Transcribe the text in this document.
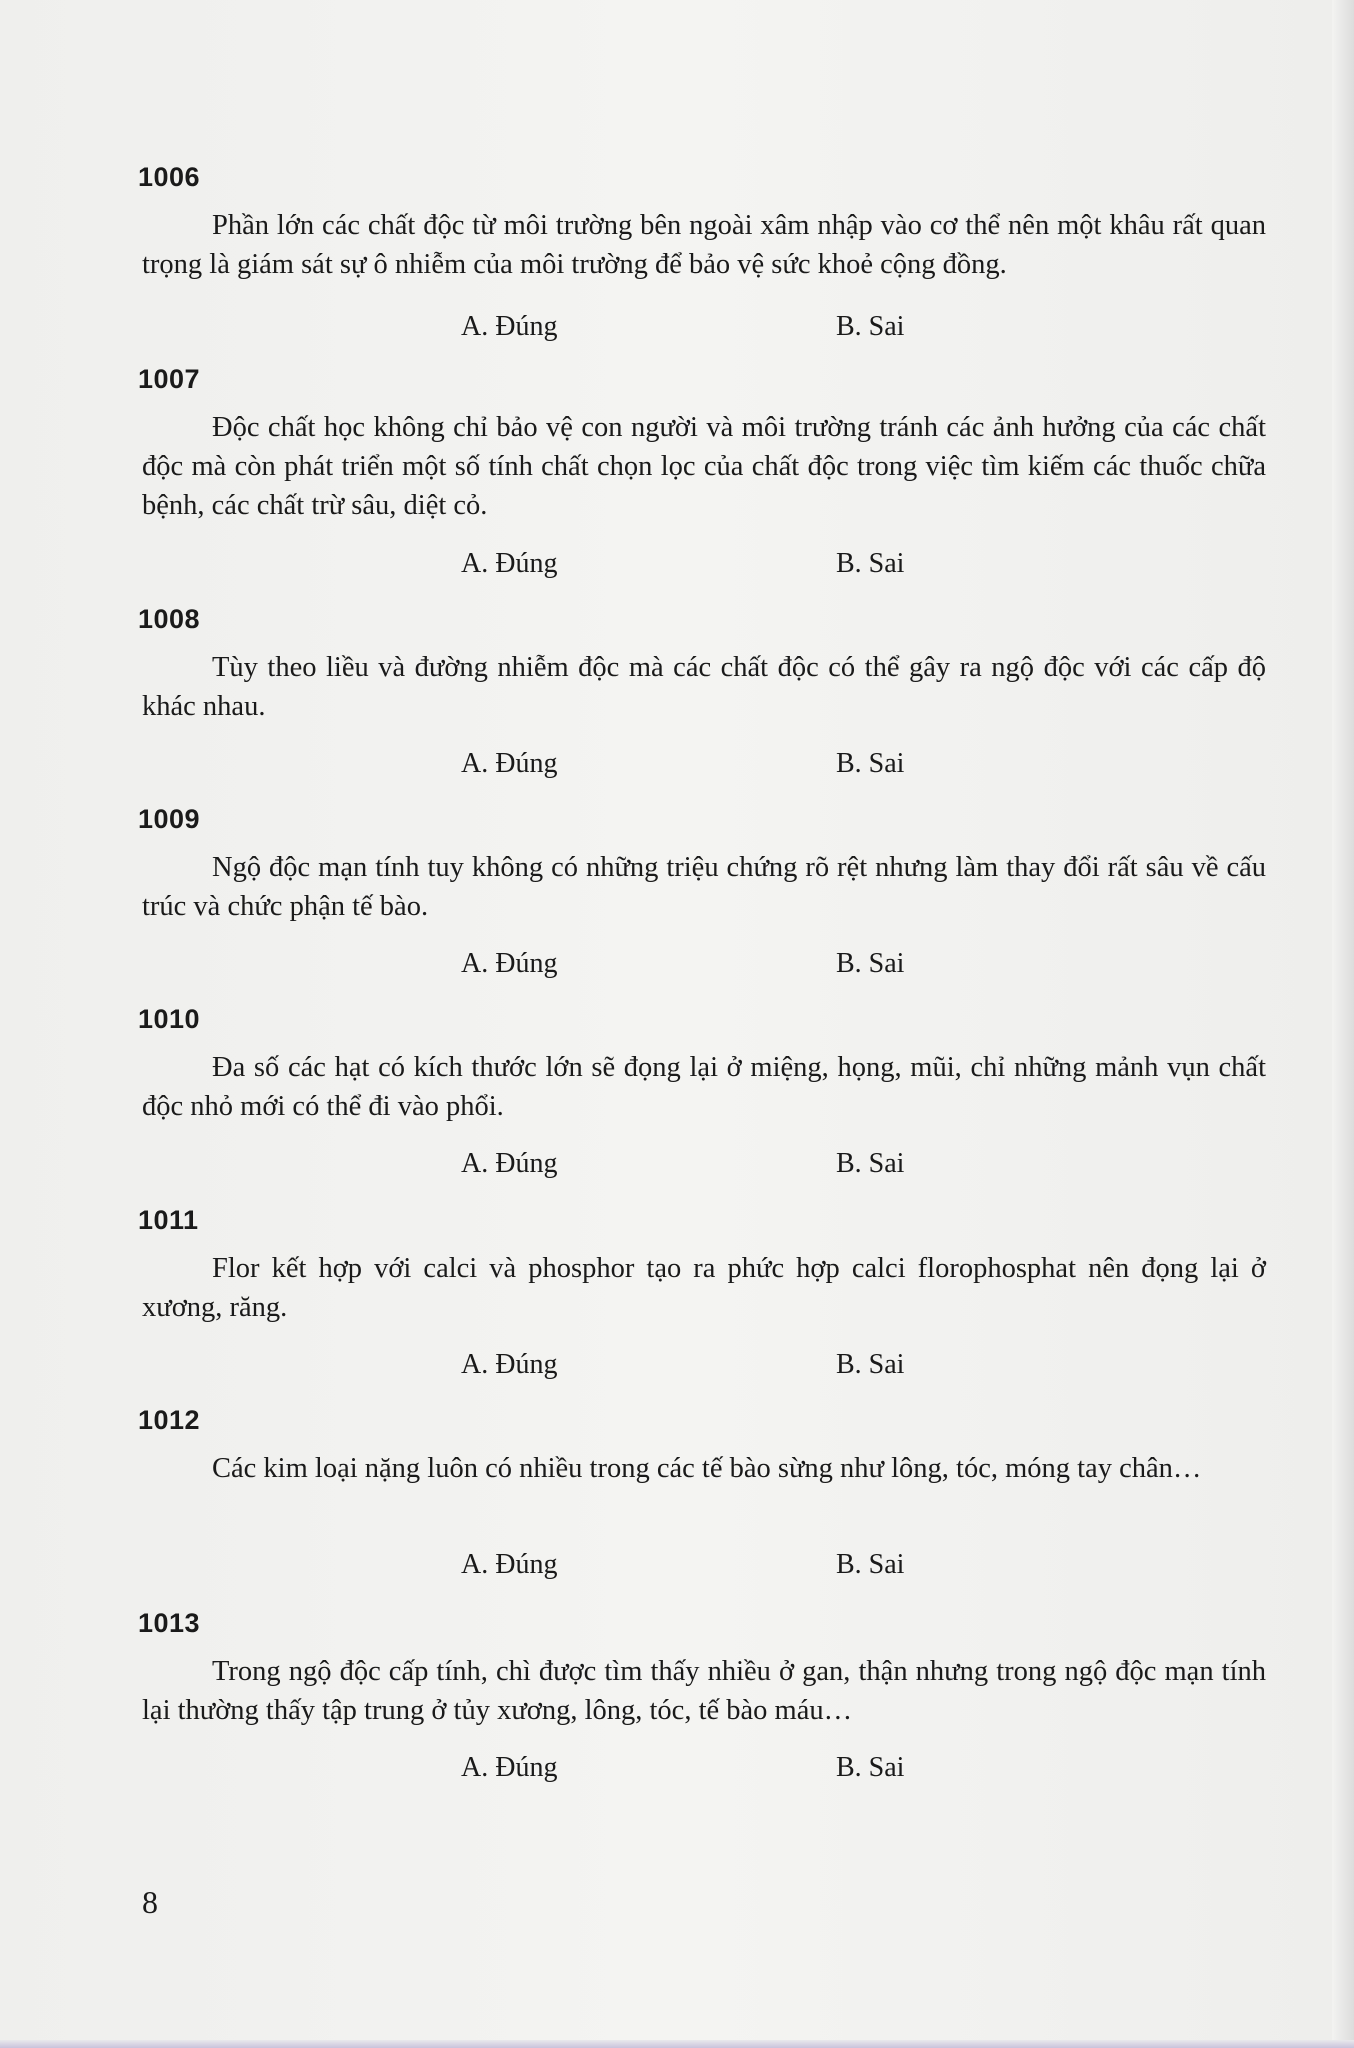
1006
Phần lớn các chất độc từ môi trường bên ngoài xâm nhập vào cơ thể nên một khâu rất quan trọng là giám sát sự ô nhiễm của môi trường để bảo vệ sức khoẻ cộng đồng.
A. Đúng	B. Sai
1007
Độc chất học không chỉ bảo vệ con người và môi trường tránh các ảnh hưởng của các chất độc mà còn phát triển một số tính chất chọn lọc của chất độc trong việc tìm kiếm các thuốc chữa bệnh, các chất trừ sâu, diệt cỏ.
A. Đúng	B. Sai
1008
Tùy theo liều và đường nhiễm độc mà các chất độc có thể gây ra ngộ độc với các cấp độ khác nhau.
A. Đúng	B. Sai
1009
Ngộ độc mạn tính tuy không có những triệu chứng rõ rệt nhưng làm thay đổi rất sâu về cấu trúc và chức phận tế bào.
A. Đúng	B. Sai
1010
Đa số các hạt có kích thước lớn sẽ đọng lại ở miệng, họng, mũi, chỉ những mảnh vụn chất độc nhỏ mới có thể đi vào phổi.
A. Đúng	B. Sai
1011
Flor kết hợp với calci và phosphor tạo ra phức hợp calci florophosphat nên đọng lại ở xương, răng.
A. Đúng	B. Sai
1012
Các kim loại nặng luôn có nhiều trong các tế bào sừng như lông, tóc, móng tay chân…
A. Đúng	B. Sai
1013
Trong ngộ độc cấp tính, chì được tìm thấy nhiều ở gan, thận nhưng trong ngộ độc mạn tính lại thường thấy tập trung ở tủy xương, lông, tóc, tế bào máu…
A. Đúng	B. Sai
8
